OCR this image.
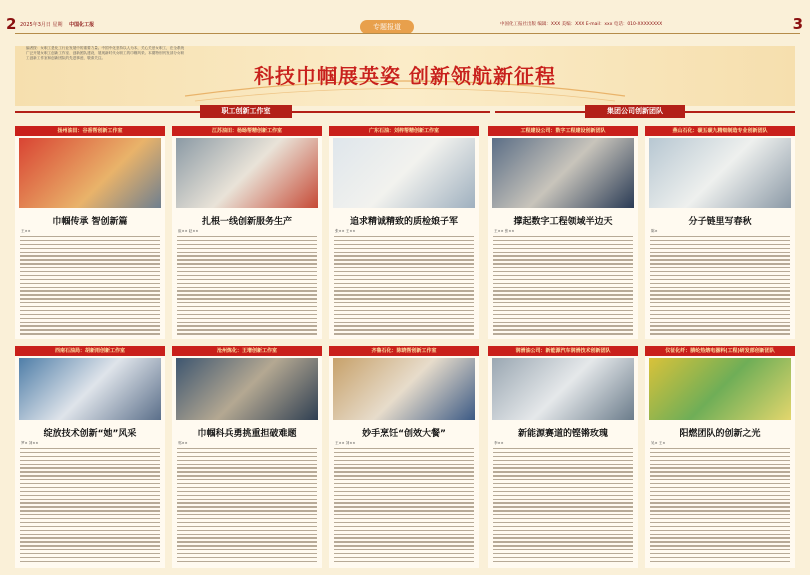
2 2025年3月日 星期 中国化工报	专题报道	中国化工报社出版 编辑：XXX 美编：XXX E-mail：xxx 电话：010-XXXXXXXX	3
编者按：女职工是化工行业发展中的重要力量。中国中化坚持以人为本，关心关爱女职工，在全系统广泛开展女职工创新工作室、创新团队建设，展现新时代女职工的巾帼风采。本期特别刊发部分女职工创新工作室和创新团队的先进事迹，敬请关注。
科技巾帼展英姿 创新领航新征程
职工创新工作室	集团公司创新团队
扬州油田：谷香帮创新工作室
巾帼传承 智创新篇
王××
江苏油田：杨旸帮精创新工作室
扎根一线创新服务生产
崔×× 赵××
广东石油：刘梓帮精创新工作室
追求精诚精致的质检娘子军
张×× 王××
工程建设公司：数字工程建设创新团队
撑起数字工程领域半边天
王×× 张××
燕山石化：碳五碳九精细制造专业创新团队
分子链里写春秋
陈×
西南石油局：胡新雨创新工作室
绽放技术创新“她”风采
罗× 刘××
沧州炼化：王增创新工作室
巾帼科兵勇挑重担破难题
郭××
齐鲁石化：陈晓帮创新工作室
妙手烹饪“创效大餐”
王×× 刘××
润滑油公司：新能源汽车润滑技术创新团队
新能源赛道的铿锵玫瑰
李××
仪征化纤：腈纶热熔电器料(工程)研发部创新团队
阳燃团队的创新之光
吴× 王×
